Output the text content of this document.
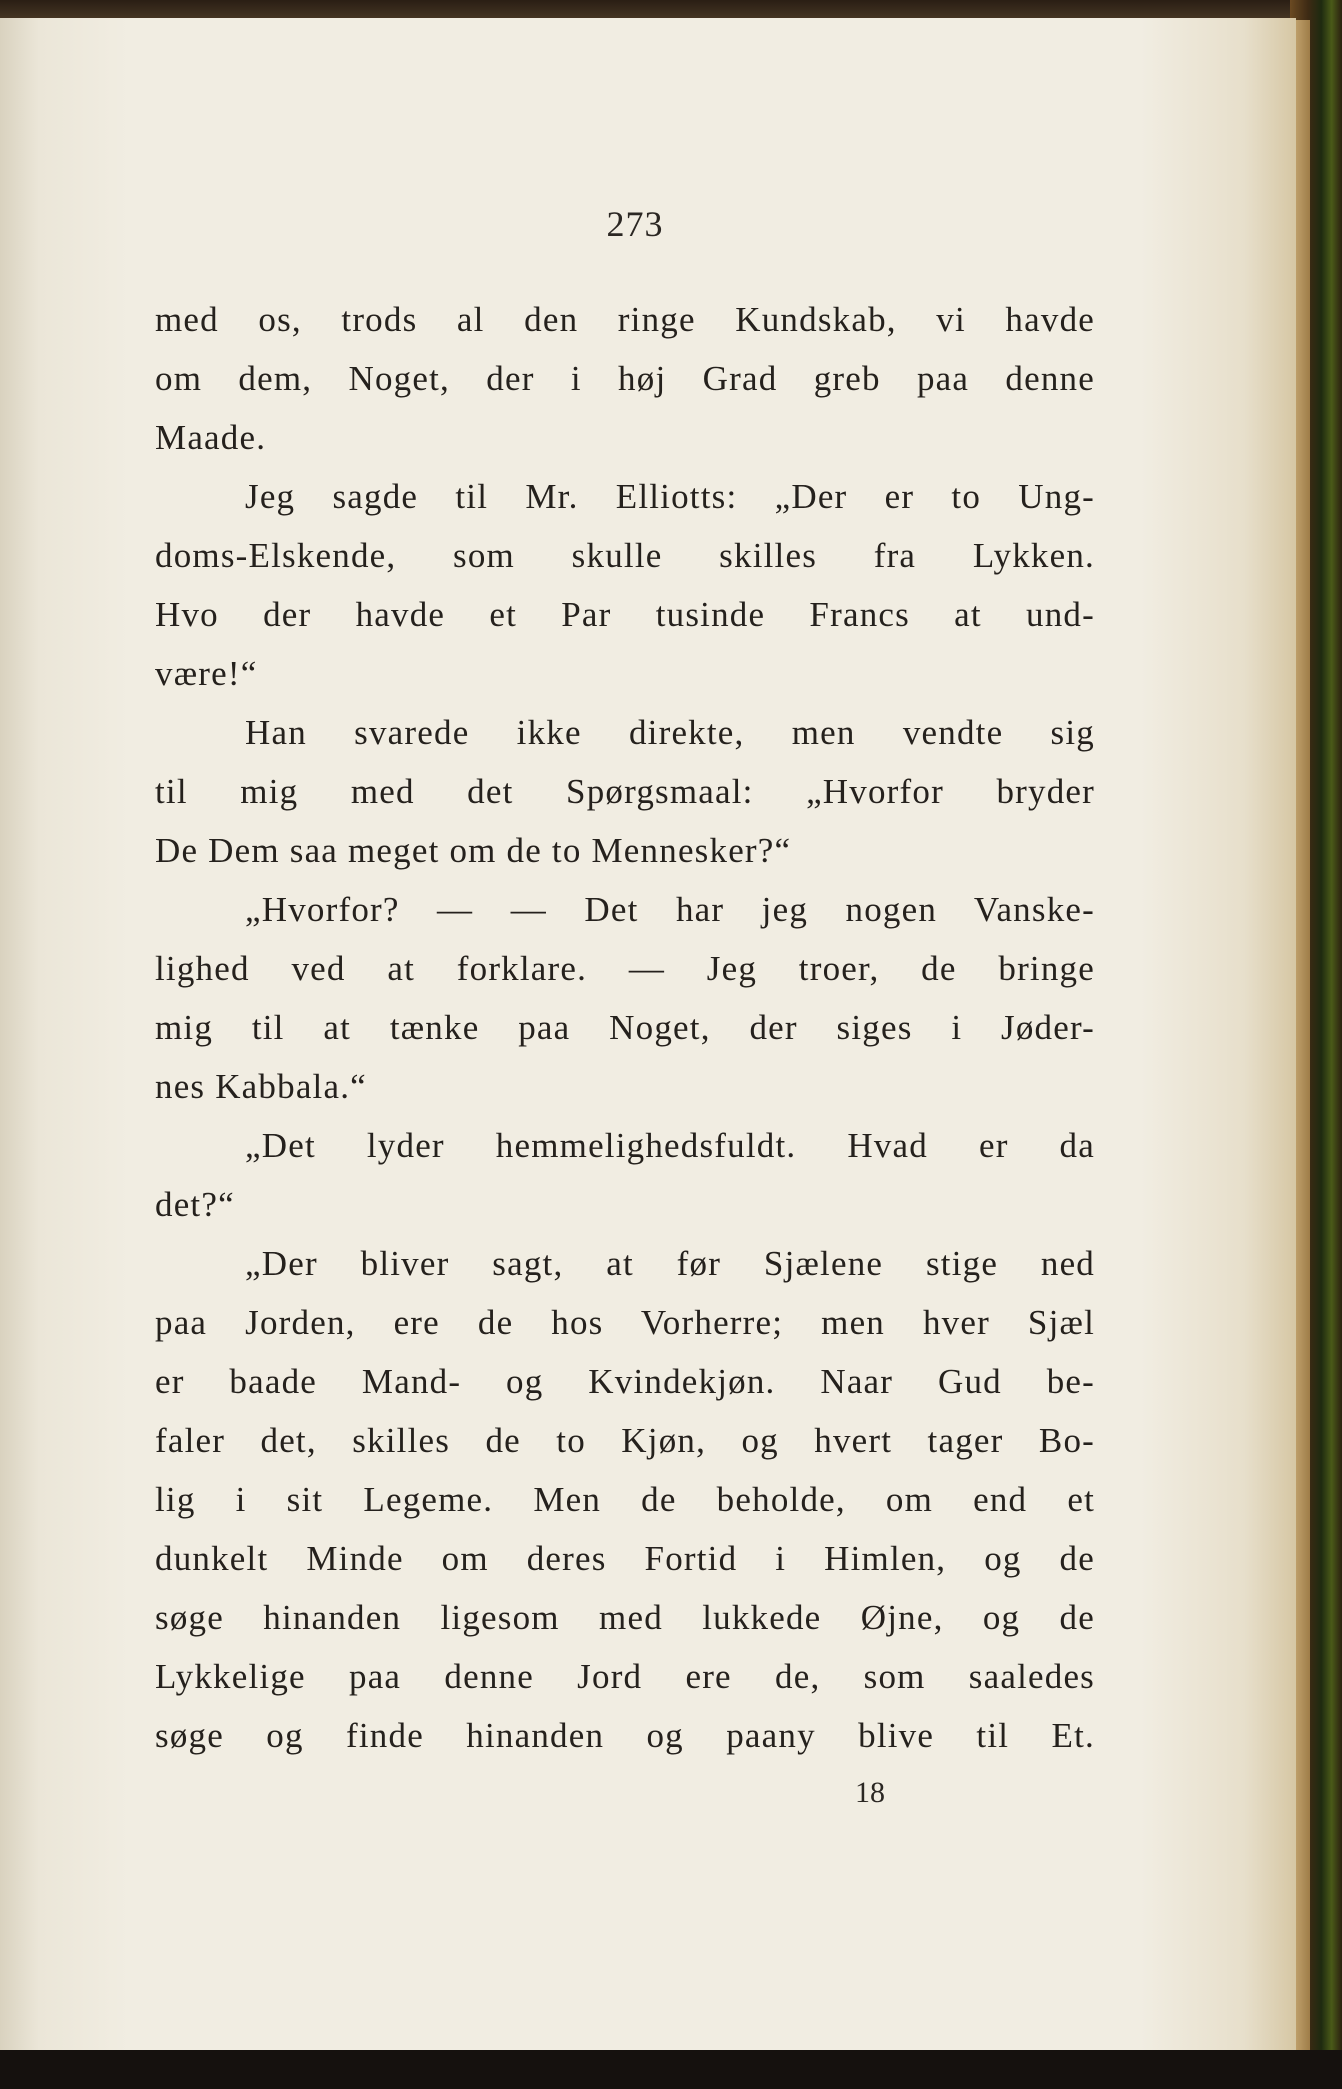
273
med os, trods al den ringe Kundskab, vi havde
om dem, Noget, der i høj Grad greb paa denne
Maade.
Jeg sagde til Mr. Elliotts: „Der er to Ung-
doms-Elskende, som skulle skilles fra Lykken.
Hvo der havde et Par tusinde Francs at und-
være!“
Han svarede ikke direkte, men vendte sig
til mig med det Spørgsmaal: „Hvorfor bryder
De Dem saa meget om de to Mennesker?“
„Hvorfor? — — Det har jeg nogen Vanske-
lighed ved at forklare. — Jeg troer, de bringe
mig til at tænke paa Noget, der siges i Jøder-
nes Kabbala.“
„Det lyder hemmelighedsfuldt. Hvad er da
det?“
„Der bliver sagt, at før Sjælene stige ned
paa Jorden, ere de hos Vorherre; men hver Sjæl
er baade Mand- og Kvindekjøn. Naar Gud be-
faler det, skilles de to Kjøn, og hvert tager Bo-
lig i sit Legeme. Men de beholde, om end et
dunkelt Minde om deres Fortid i Himlen, og de
søge hinanden ligesom med lukkede Øjne, og de
Lykkelige paa denne Jord ere de, som saaledes
søge og finde hinanden og paany blive til Et.
18
